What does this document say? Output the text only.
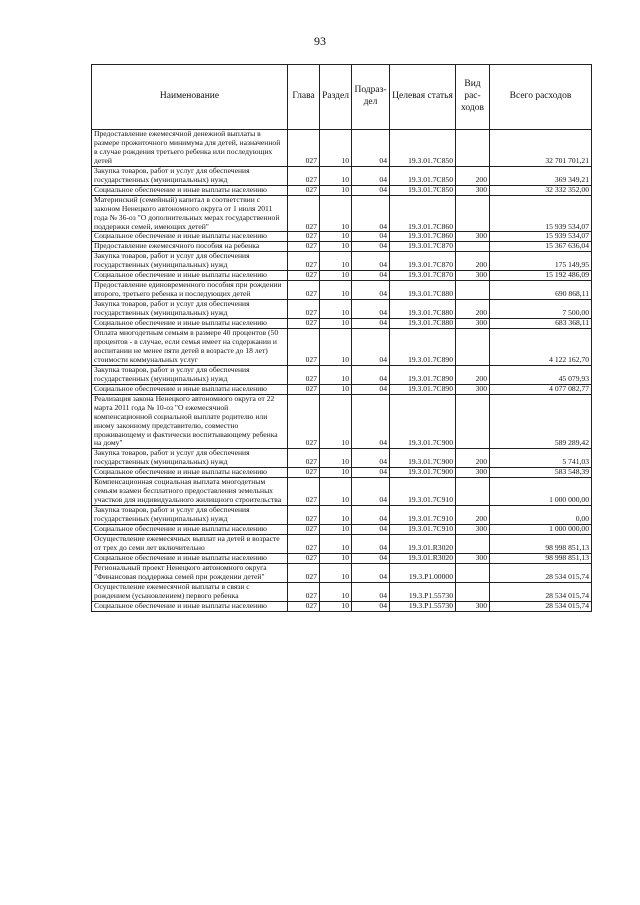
93
Наименование	Глава	Раздел	Подраз-дел	Целевая статья	Вид рас-ходов	Всего расходов
Предоставление ежемесячной денежной выплаты в размере прожиточного минимума для детей, назначенной в случае рождения третьего ребенка или последующих детей	027	10	04	19.3.01.7С850		32 701 701,21
Закупка товаров, работ и услуг для обеспечения государственных (муниципальных) нужд	027	10	04	19.3.01.7С850	200	369 349,21
Социальное обеспечение и иные выплаты населению	027	10	04	19.3.01.7С850	300	32 332 352,00
Материнский (семейный) капитал в соответствии с законом Ненецкого автономного округа от 1 июля 2011 года № 36-оз "О дополнительных мерах государственной поддержки семей, имеющих детей"	027	10	04	19.3.01.7С860		15 939 534,07
Социальное обеспечение и иные выплаты населению	027	10	04	19.3.01.7С860	300	15 939 534,07
Предоставление ежемесячного пособия на ребенка	027	10	04	19.3.01.7С870		15 367 636,04
Закупка товаров, работ и услуг для обеспечения государственных (муниципальных) нужд	027	10	04	19.3.01.7С870	200	175 149,95
Социальное обеспечение и иные выплаты населению	027	10	04	19.3.01.7С870	300	15 192 486,09
Предоставление единовременного пособия при рождении второго, третьего ребенка и последующих детей	027	10	04	19.3.01.7С880		690 868,11
Закупка товаров, работ и услуг для обеспечения государственных (муниципальных) нужд	027	10	04	19.3.01.7С880	200	7 500,00
Социальное обеспечение и иные выплаты населению	027	10	04	19.3.01.7С880	300	683 368,11
Оплата многодетным семьям в размере 40 процентов (50 процентов - в случае, если семья имеет на содержании и воспитании не менее пяти детей в возрасте до 18 лет) стоимости коммунальных услуг	027	10	04	19.3.01.7С890		4 122 162,70
Закупка товаров, работ и услуг для обеспечения государственных (муниципальных) нужд	027	10	04	19.3.01.7С890	200	45 079,93
Социальное обеспечение и иные выплаты населению	027	10	04	19.3.01.7С890	300	4 077 082,77
Реализация закона Ненецкого автономного округа от 22 марта 2011 года № 10-оз "О ежемесячной компенсационной социальной выплате родителю или иному законному представителю, совместно проживающему и фактически воспитывающему ребенка на дому"	027	10	04	19.3.01.7С900		589 289,42
Закупка товаров, работ и услуг для обеспечения государственных (муниципальных) нужд	027	10	04	19.3.01.7С900	200	5 741,03
Социальное обеспечение и иные выплаты населению	027	10	04	19.3.01.7С900	300	583 548,39
Компенсационная социальная выплата многодетным семьям взамен бесплатного предоставления земельных участков для индивидуального жилищного строительства	027	10	04	19.3.01.7С910		1 000 000,00
Закупка товаров, работ и услуг для обеспечения государственных (муниципальных) нужд	027	10	04	19.3.01.7С910	200	0,00
Социальное обеспечение и иные выплаты населению	027	10	04	19.3.01.7С910	300	1 000 000,00
Осуществление ежемесячных выплат на детей в возрасте от трех до семи лет включительно	027	10	04	19.3.01.R3020		98 998 851,13
Социальное обеспечение и иные выплаты населению	027	10	04	19.3.01.R3020	300	98 998 851,13
Региональный проект Ненецкого автономного округа "Финансовая поддержка семей при рождении детей"	027	10	04	19.3.P1.00000		28 534 015,74
Осуществление ежемесячной выплаты в связи с рождением (усыновлением) первого ребенка	027	10	04	19.3.P1.55730		28 534 015,74
Социальное обеспечение и иные выплаты населению	027	10	04	19.3.P1.55730	300	28 534 015,74
